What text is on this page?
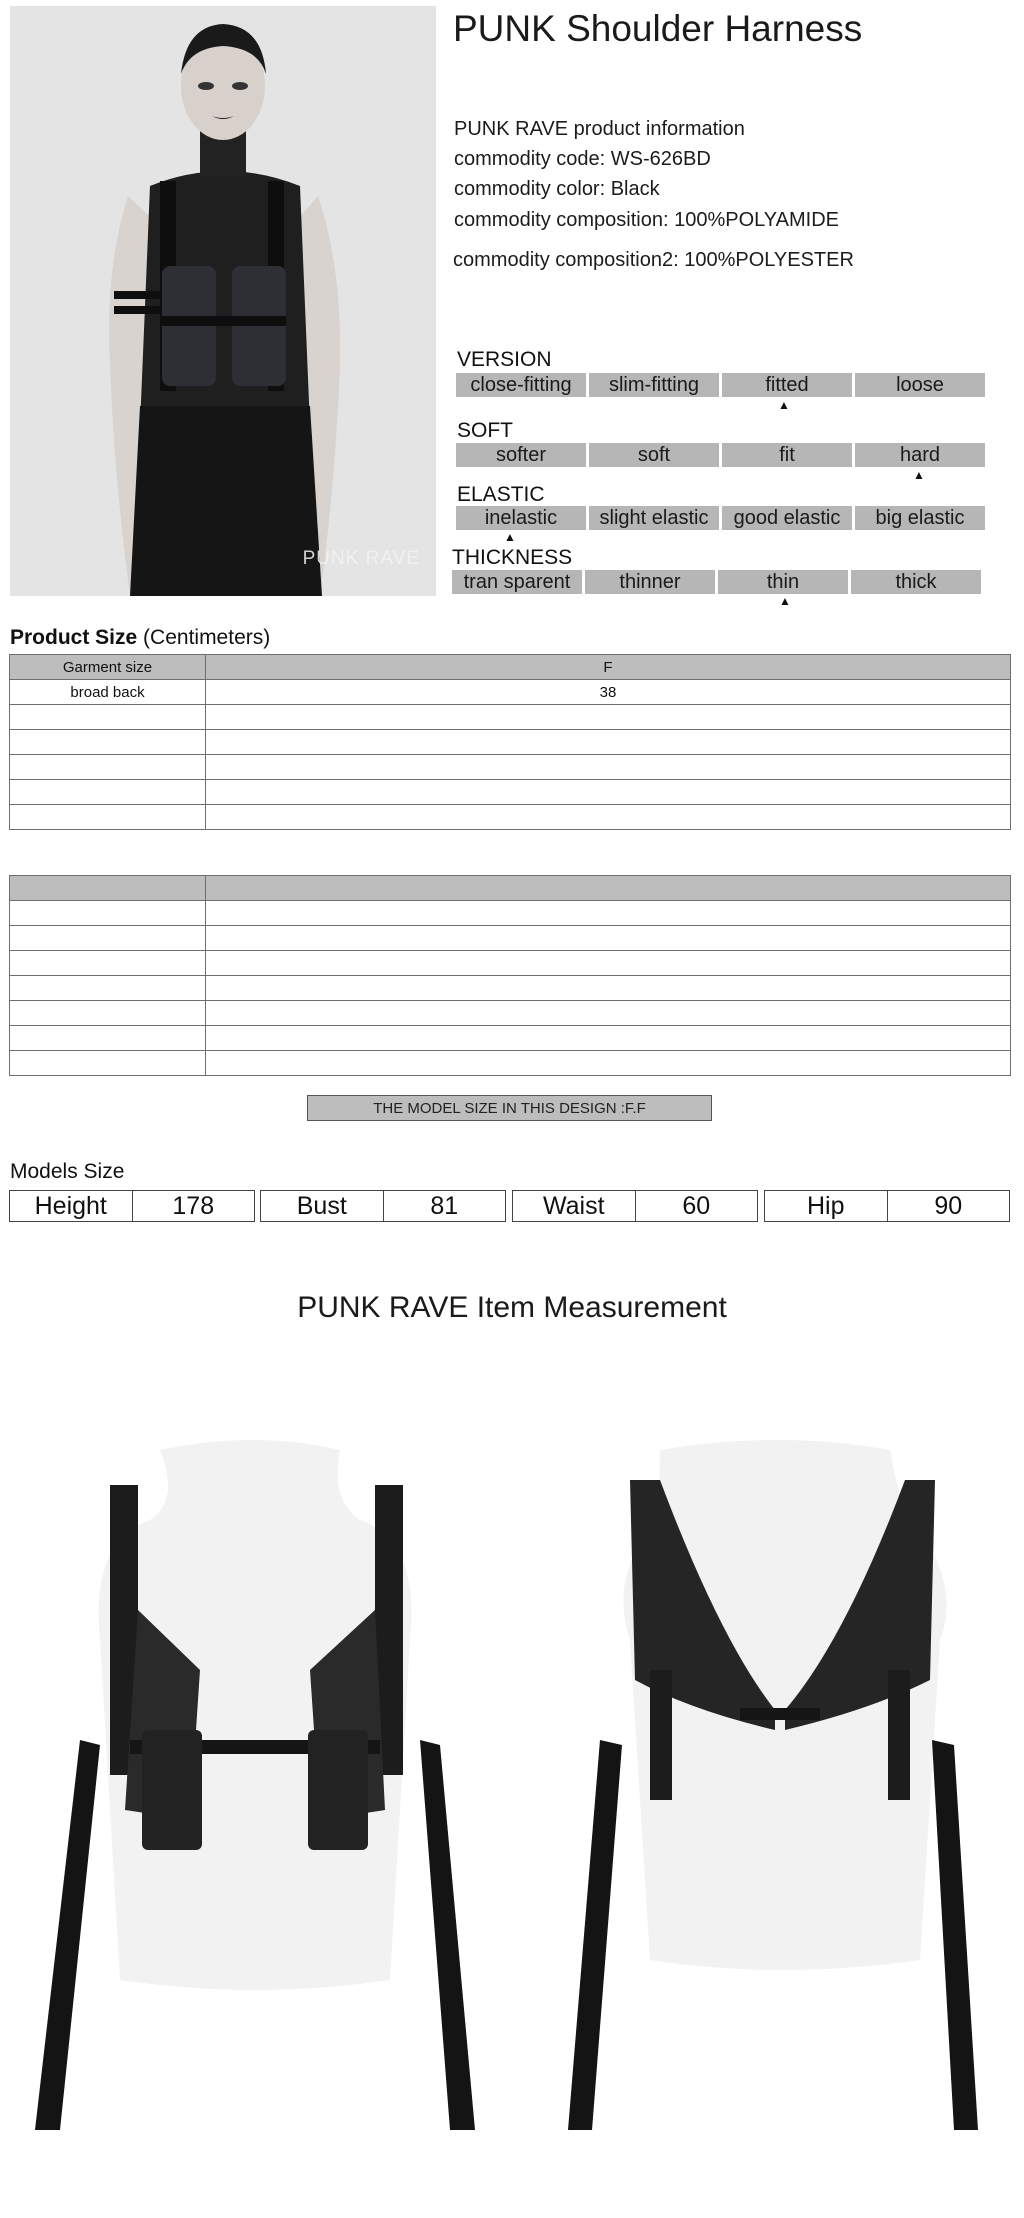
PUNK RAVE
PUNK Shoulder Harness
PUNK RAVE product information
commodity code: WS-626BD
commodity color: Black
commodity composition: 100%POLYAMIDE
commodity composition2: 100%POLYESTER
VERSION
close-fitting	slim-fitting	fitted	loose
▲
SOFT
softer	soft	fit	hard
▲
ELASTIC
inelastic	slight elastic	good elastic	big elastic
▲
THICKNESS
tran sparent	thinner	thin	thick
▲
Product Size (Centimeters)
Garment size	F
broad back	38

THE MODEL SIZE IN THIS DESIGN :F.F
Models Size
Height	178	Bust	81	Waist	60	Hip	90
PUNK RAVE Item Measurement
